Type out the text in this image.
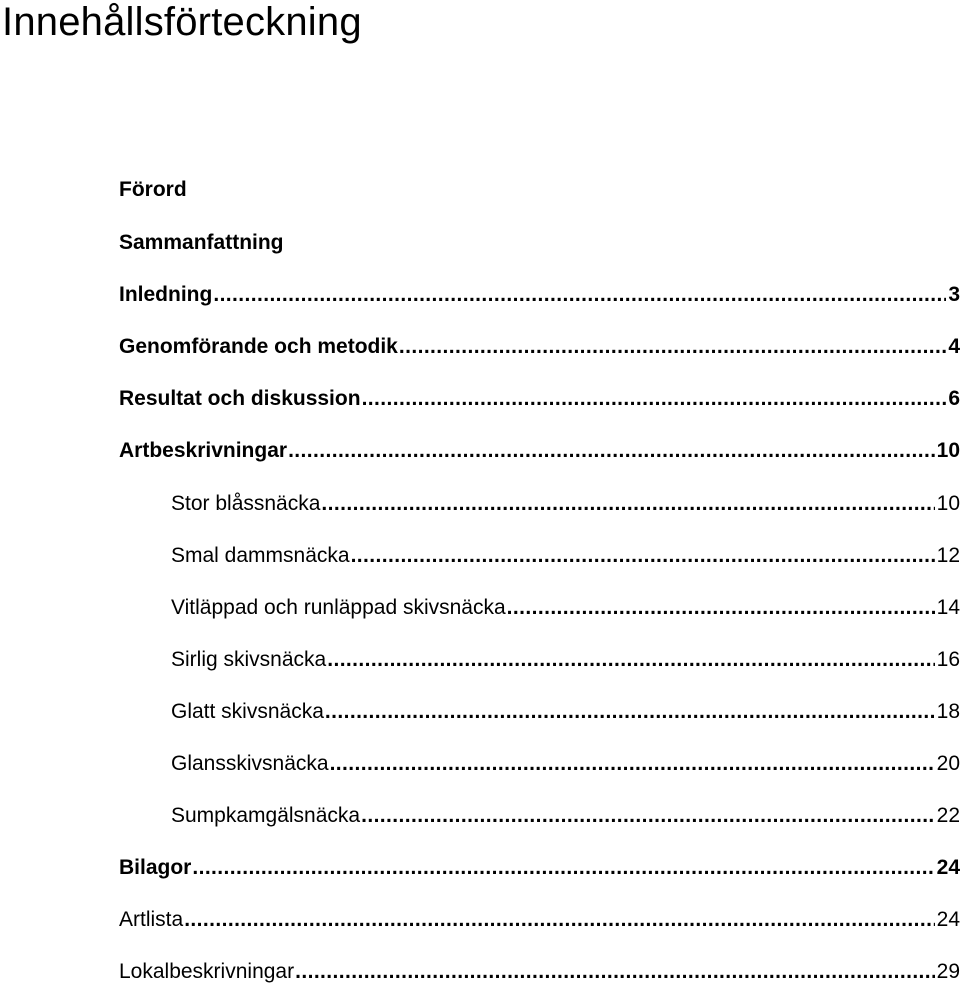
Innehållsförteckning
Förord
Sammanfattning
Inledning .....	3
Genomförande och metodik .....	4
Resultat och diskussion .....	6
Artbeskrivningar .....	10
Stor blåssnäcka .....	10
Smal dammsnäcka .....	12
Vitläppad och runläppad skivsnäcka .....	14
Sirlig skivsnäcka .....	16
Glatt skivsnäcka .....	18
Glansskivsnäcka .....	20
Sumpkamgälsnäcka .....	22
Bilagor .....	24
Artlista .....	24
Lokalbeskrivningar .....	29
